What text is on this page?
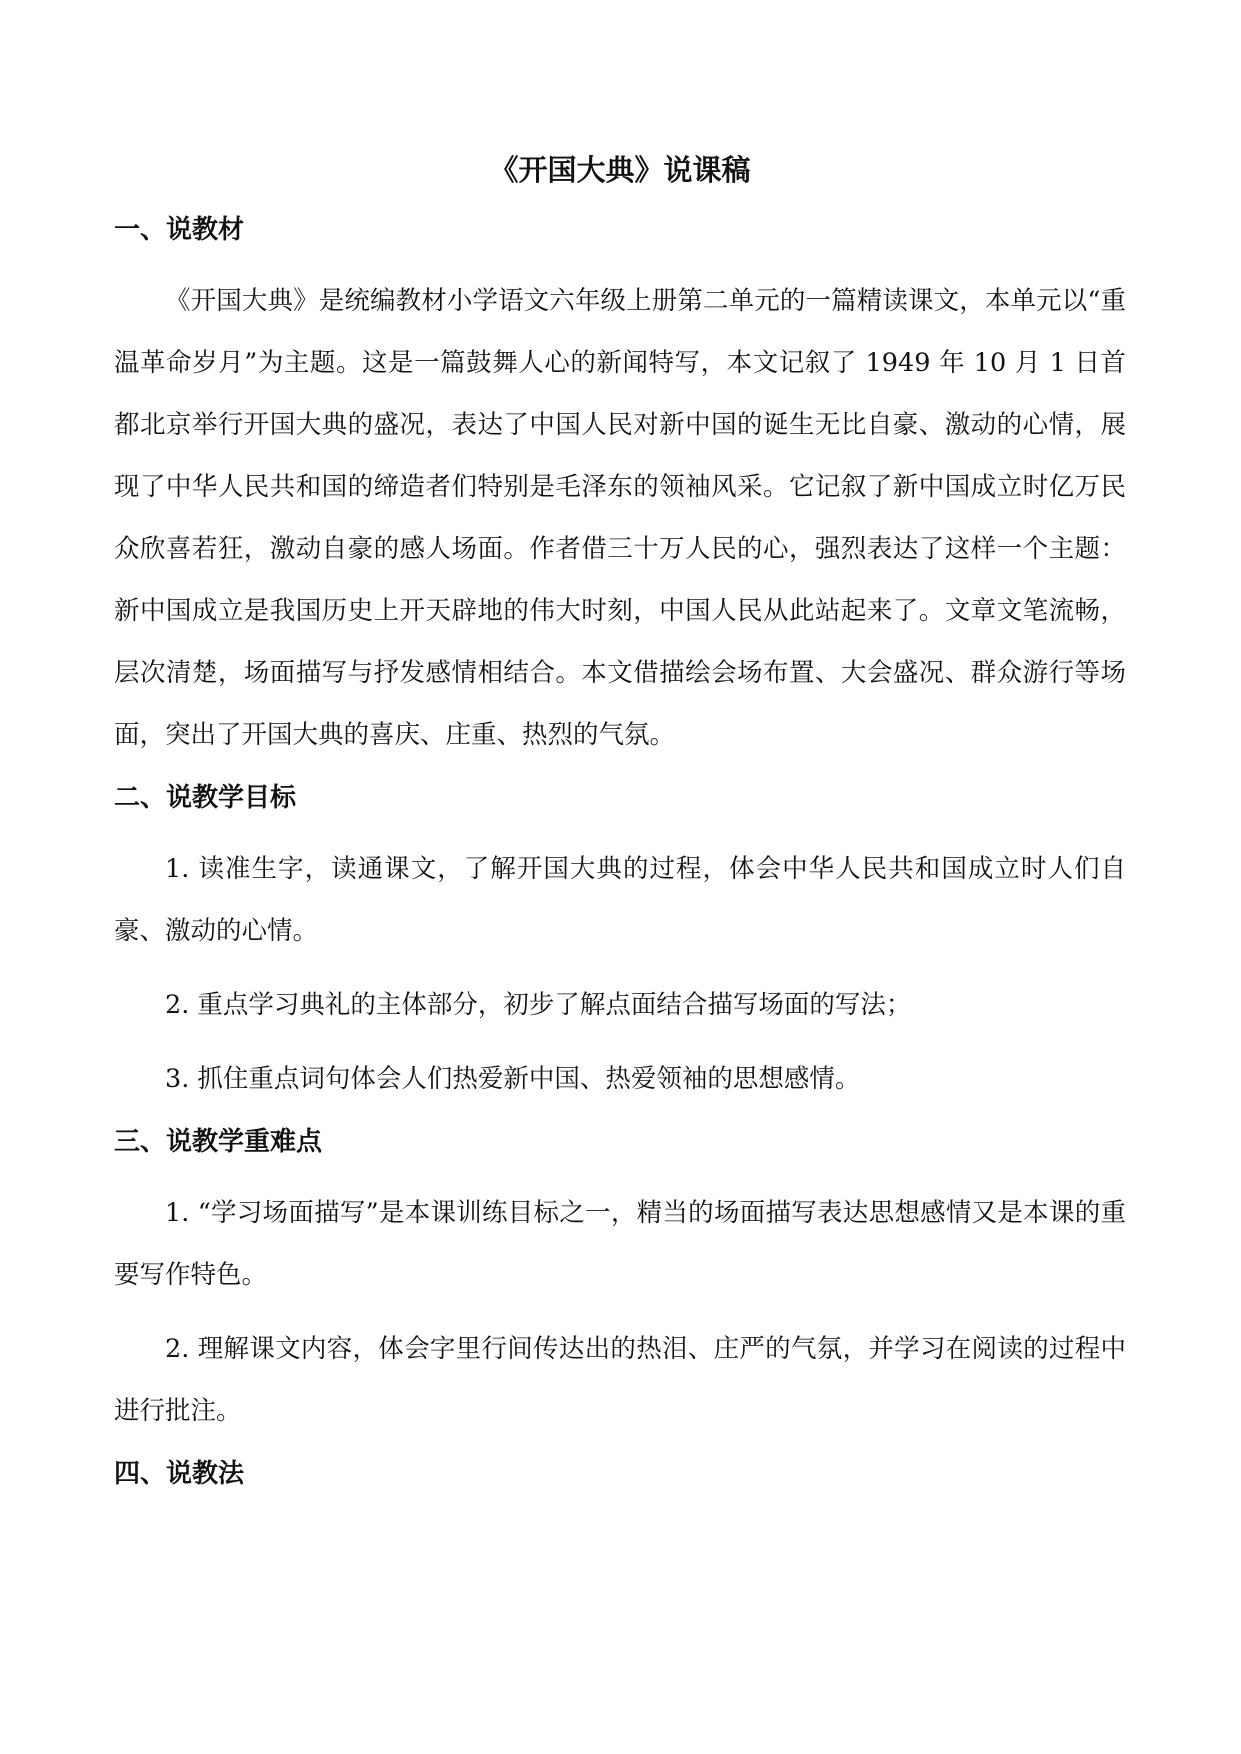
《开国大典》说课稿
一、说教材

《开国大典》是统编教材小学语文六年级上册第二单元的一篇精读课文，本单元以“重温革命岁月”为主题。这是一篇鼓舞人心的新闻特写，本文记叙了 1949 年 10 月 1 日首都北京举行开国大典的盛况，表达了中国人民对新中国的诞生无比自豪、激动的心情，展现了中华人民共和国的缔造者们特别是毛泽东的领袖风采。它记叙了新中国成立时亿万民众欣喜若狂，激动自豪的感人场面。作者借三十万人民的心，强烈表达了这样一个主题：新中国成立是我国历史上开天辟地的伟大时刻，中国人民从此站起来了。文章文笔流畅，层次清楚，场面描写与抒发感情相结合。本文借描绘会场布置、大会盛况、群众游行等场面，突出了开国大典的喜庆、庄重、热烈的气氛。

二、说教学目标

1. 读准生字，读通课文，了解开国大典的过程，体会中华人民共和国成立时人们自豪、激动的心情。

2. 重点学习典礼的主体部分，初步了解点面结合描写场面的写法；

3. 抓住重点词句体会人们热爱新中国、热爱领袖的思想感情。

三、说教学重难点

1. “学习场面描写”是本课训练目标之一，精当的场面描写表达思想感情又是本课的重要写作特色。

2. 理解课文内容，体会字里行间传达出的热泪、庄严的气氛，并学习在阅读的过程中进行批注。

四、说教法
